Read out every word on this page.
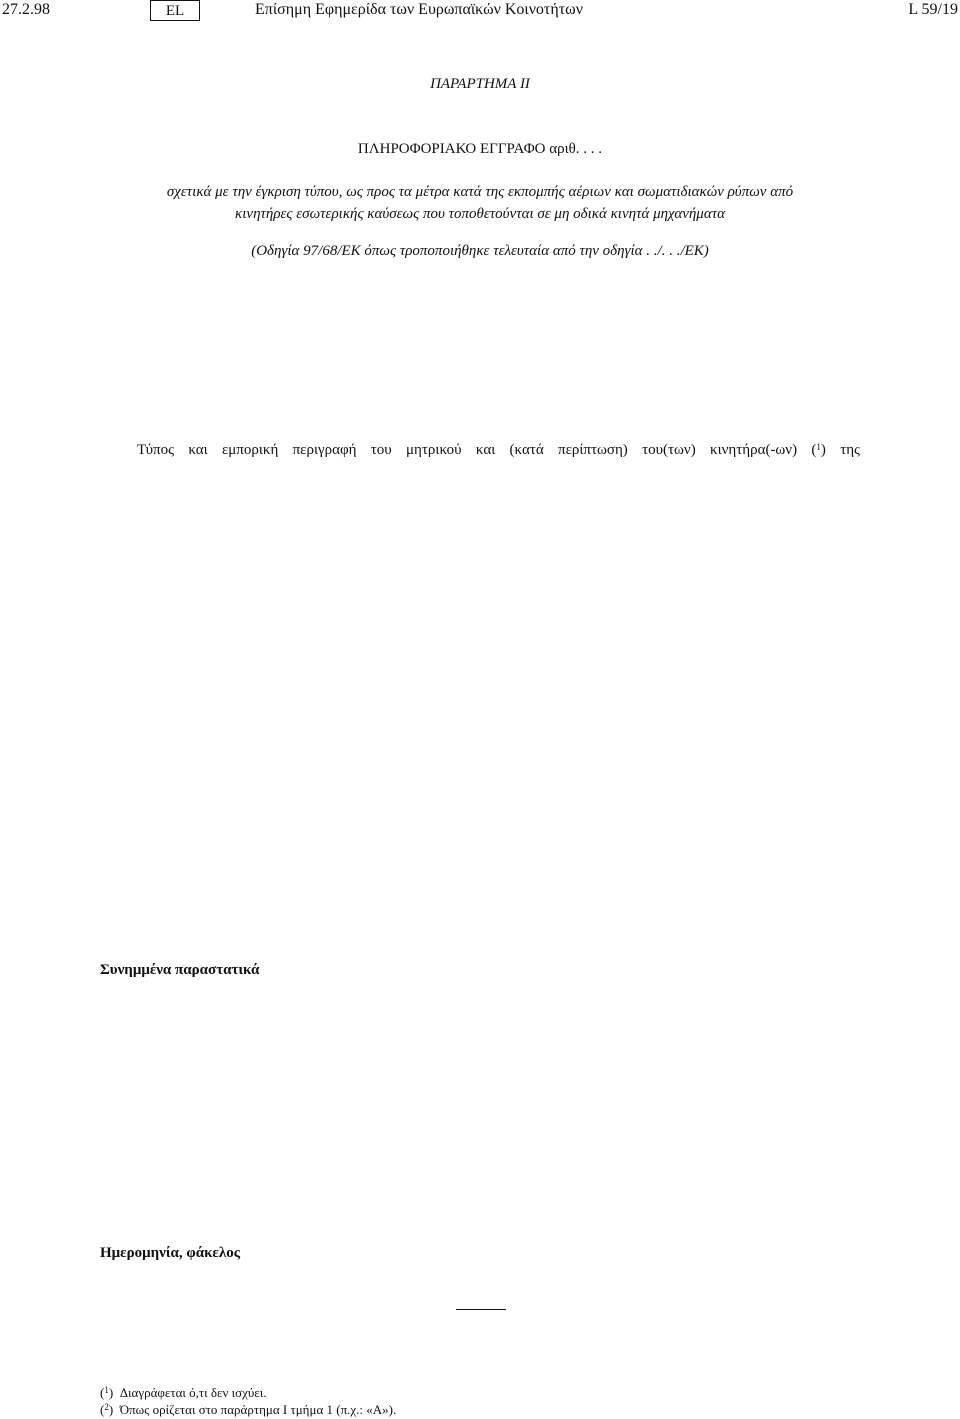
27.2.98	EL	Επίσημη Εφημερίδα των Ευρωπαϊκών Κοινοτήτων	L 59/19
ΠΑΡΑΡΤΗΜΑ ΙΙ
ΠΛΗΡΟΦΟΡΙΑΚΟ ΕΓΓΡΑΦΟ αριθ. . . .
σχετικά με την έγκριση τύπου, ως προς τα μέτρα κατά της εκπομπής αέριων και σωματιδιακών ρύπων από
κινητήρες εσωτερικής καύσεως που τοποθετούνται σε μη οδικά κινητά μηχανήματα
(Οδηγία 97/68/ΕΚ όπως τροποποιήθηκε τελευταία από την οδηγία . ./. . ./ΕΚ)
Τύπος και εμπορική περιγραφή του μητρικού και (κατά περίπτωση) του(των) κινητήρα(-ων) ($^1$) της
Συνημμένα παραστατικά
Ημερομηνία, φάκελος
($^1$)  Διαγράφεται ό,τι δεν ισχύει.
($^2$)  Όπως ορίζεται στο παράρτημα I τμήμα 1 (π.χ.: «A»).
